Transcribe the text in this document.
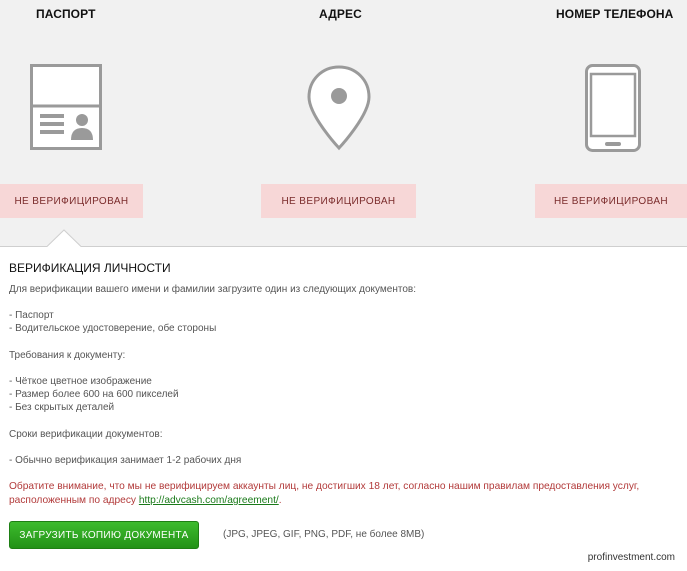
ПАСПОРТ
НЕ ВЕРИФИЦИРОВАН
АДРЕС
НЕ ВЕРИФИЦИРОВАН
НОМЕР ТЕЛЕФОНА
НЕ ВЕРИФИЦИРОВАН
ВЕРИФИКАЦИЯ ЛИЧНОСТИ
Для верификации вашего имени и фамилии загрузите один из следующих документов:
- Паспорт
- Водительское удостоверение, обе стороны
Требования к документу:
- Чёткое цветное изображение
- Размер более 600 на 600 пикселей
- Без скрытых деталей
Сроки верификации документов:
- Обычно верификация занимает 1-2 рабочих дня
Обратите внимание, что мы не верифицируем аккаунты лиц, не достигших 18 лет, согласно нашим правилам предоставления услуг, расположенным по адресу http://advcash.com/agreement/.
ЗАГРУЗИТЬ КОПИЮ ДОКУМЕНТА	(JPG, JPEG, GIF, PNG, PDF, не более 8MB)
profinvestment.com
